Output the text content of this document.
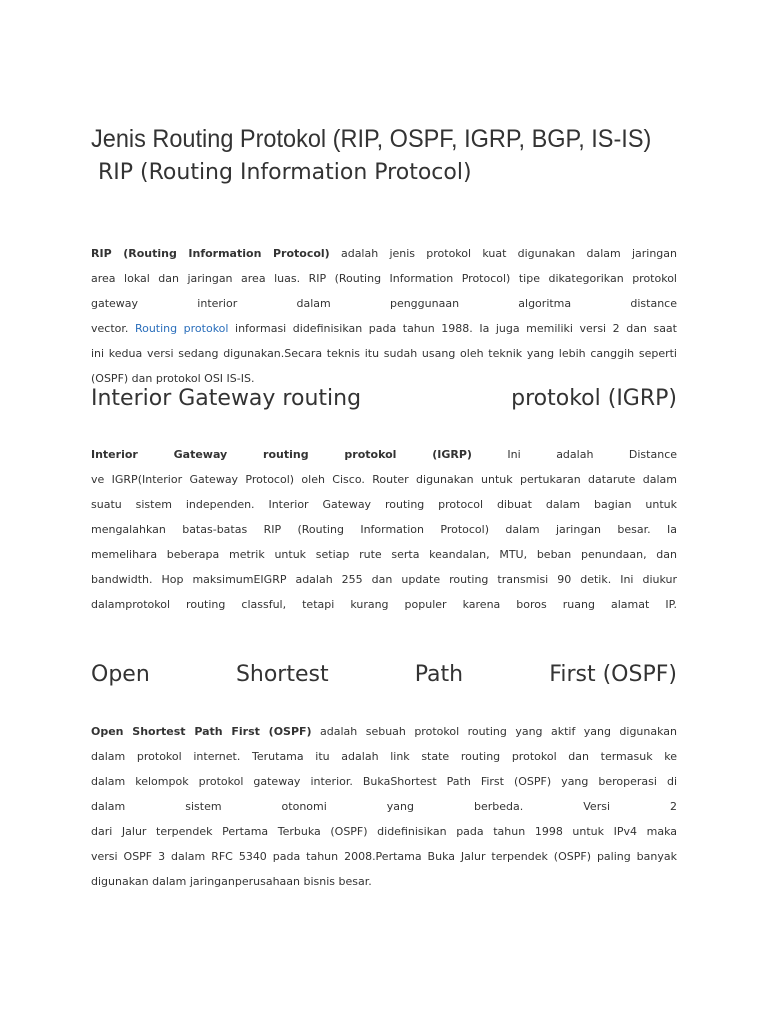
Jenis Routing Protokol (RIP, OSPF, IGRP, BGP, IS-IS)
RIP (Routing Information Protocol)
RIP (Routing Information Protocol) adalah jenis protokol kuat digunakan dalam jaringan
area lokal dan jaringan area luas. RIP (Routing Information Protocol) tipe dikategorikan protokol
gateway interior dalam penggunaan algoritma distance
vector. Routing protokol informasi didefinisikan pada tahun 1988. Ia juga memiliki versi 2 dan saat
ini kedua versi sedang digunakan.Secara teknis itu sudah usang oleh teknik yang lebih canggih seperti
(OSPF) dan protokol OSI IS-IS.
Interior Gateway routing	protokol (IGRP)
Interior Gateway routing protokol (IGRP) Ini adalah Distance
ve IGRP(Interior Gateway Protocol) oleh Cisco. Router digunakan untuk pertukaran datarute dalam
suatu sistem independen. Interior Gateway routing protocol dibuat dalam bagian untuk
mengalahkan batas-batas RIP (Routing Information Protocol) dalam jaringan besar. Ia
memelihara beberapa metrik untuk setiap rute serta keandalan, MTU, beban penundaan, dan
bandwidth. Hop maksimumEIGRP adalah 255 dan update routing transmisi 90 detik. Ini diukur
dalamprotokol routing classful, tetapi kurang populer karena boros ruang alamat IP.
Open	Shortest	Path	First (OSPF)
Open Shortest Path First (OSPF) adalah sebuah protokol routing yang aktif yang digunakan
dalam protokol internet. Terutama itu adalah link state routing protokol dan termasuk ke
dalam kelompok protokol gateway interior. BukaShortest Path First (OSPF) yang beroperasi di
dalam sistem otonomi yang berbeda. Versi 2
dari Jalur terpendek Pertama Terbuka (OSPF) didefinisikan pada tahun 1998 untuk IPv4 maka
versi OSPF 3 dalam RFC 5340 pada tahun 2008.Pertama Buka Jalur terpendek (OSPF) paling banyak
digunakan dalam jaringanperusahaan bisnis besar.
